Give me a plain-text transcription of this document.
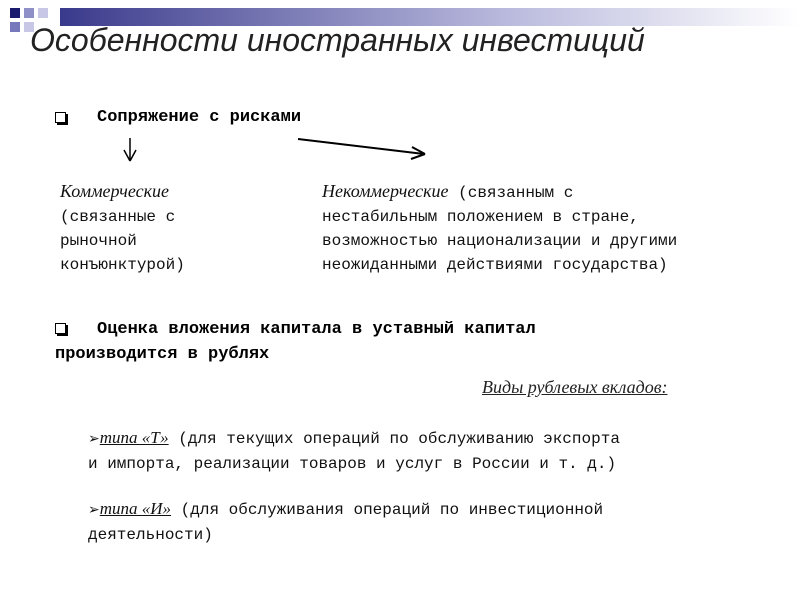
Особенности иностранных инвестиций
Сопряжение с рисками
Коммерческие
(связанные с
рыночной
конъюнктурой)
Некоммерческие (связанным с
нестабильным положением в стране,
возможностью национализации и другими
неожиданными действиями государства)
Оценка вложения капитала в уставный капитал
производится в рублях
Виды рублевых вкладов:
➢типа «Т» (для текущих операций по обслуживанию экспорта
и импорта, реализации товаров и услуг в России и т. д.)
➢типа «И» (для обслуживания операций по инвестиционной
деятельности)
